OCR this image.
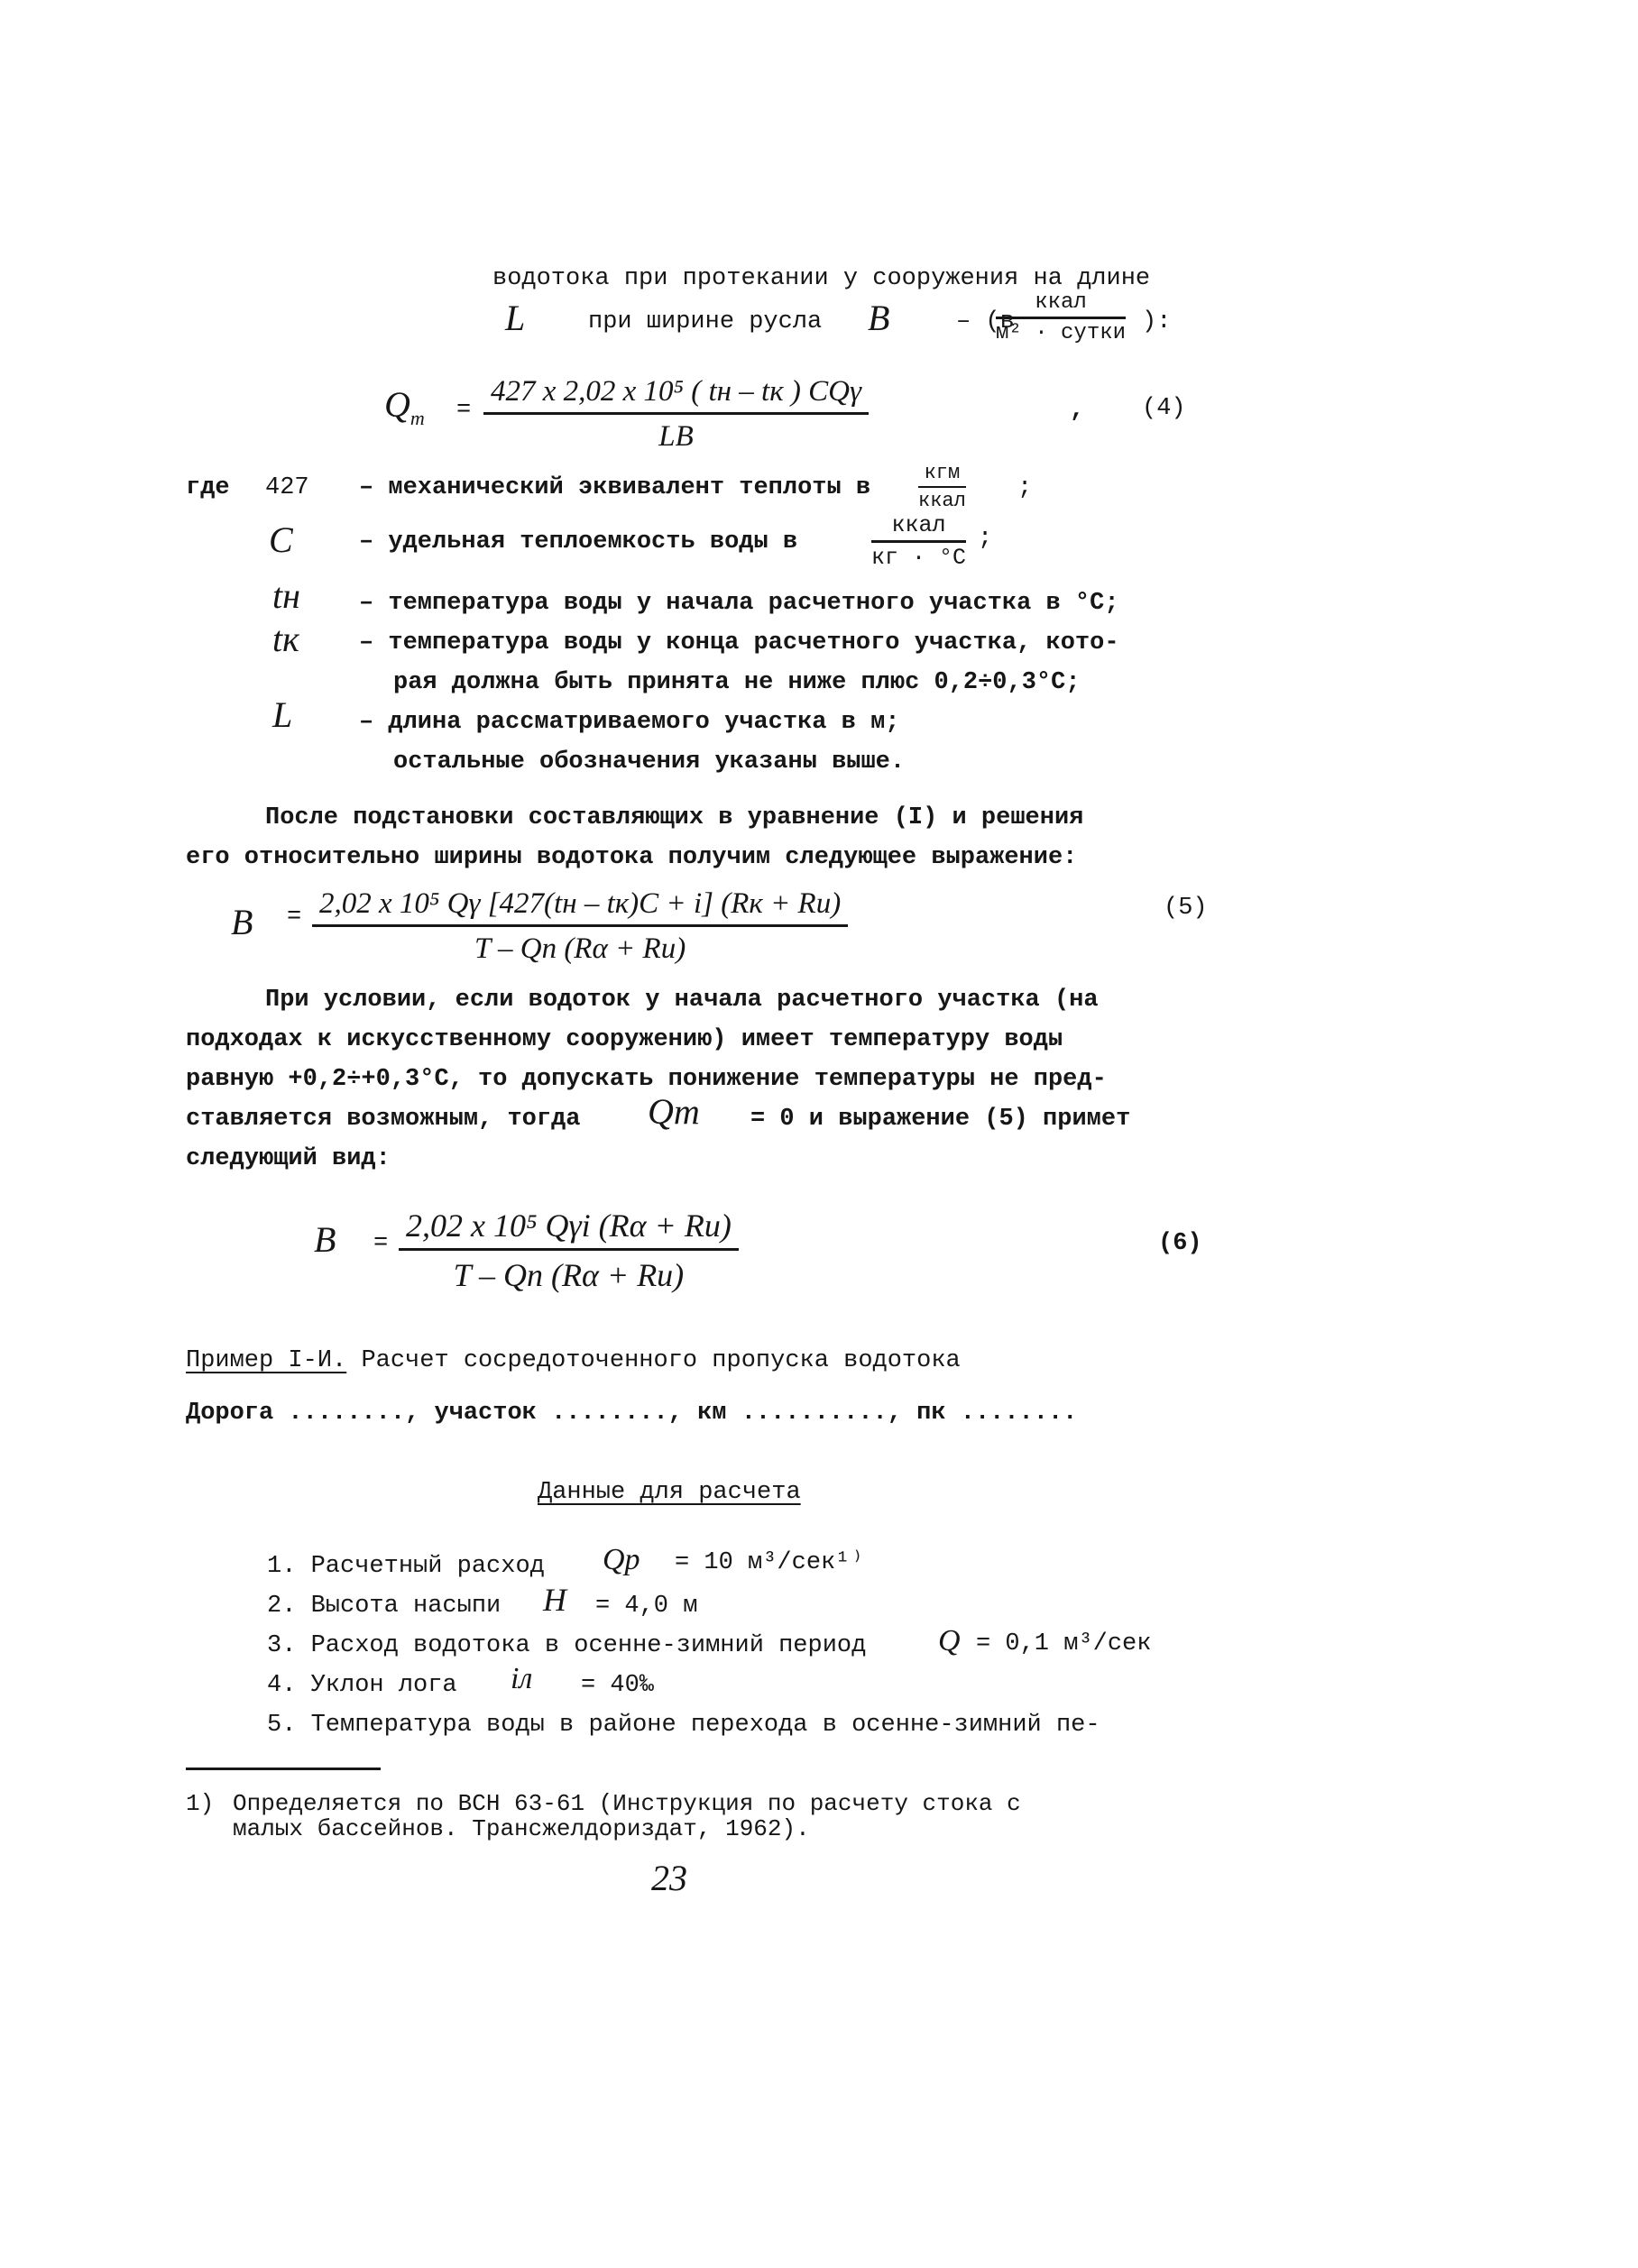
водотока при протекании у сооружения на длине
L	при ширине русла B	– (в
ккал
м² · сутки ):
$Q_т$ =
427 x 2,02 x 10⁵ ( tн – tк ) CQγ
LB
, (4)
где 427 – механический эквивалент теплоты в
кгм
ккал ;
C	– удельная теплоемкость воды в
ккал
кг · °C
;
tн – температура воды у начала расчетного участка в °С;
tк – температура воды у конца расчетного участка, кото-
рая должна быть принята не ниже плюс 0,2÷0,3°С;
L	– длина рассматриваемого участка в м;
остальные обозначения указаны выше.
После подстановки составляющих в уравнение (I) и решения
его относительно ширины водотока получим следующее выражение:
B = 2,02 x 10⁵ Qγ [427(tн – tк)C + i] (Rк + Rи)
T – Qп (Rα + Rи)
(5)
При условии, если водоток у начала расчетного участка (на
подходах к искусственному сооружению) имеет температуру воды
равную +0,2÷+0,3°С, то допускать понижение температуры не пред-
ставляется возможным, тогда Qт = 0 и выражение (5) примет
следующий вид:
B = 2,02 x 10⁵ Qγi (Rα + Rи)
T – Qп (Rα + Rи)
(6)
Пример I-И. Расчет сосредоточенного пропуска водотока
Дорога ........, участок ........, км .........., пк ........
Данные для расчета
1. Расчетный расход Qр = 10 м³/сек¹⁾
2. Высота насыпи H = 4,0 м
3. Расход водотока в осенне-зимний период Q = 0,1 м³/сек
4. Уклон лога iл = 40‰
5. Температура воды в районе перехода в осенне-зимний пе-
1) Определяется по ВСН 63-61 (Инструкция по расчету стока с
малых бассейнов. Трансжелдориздат, 1962).
23
